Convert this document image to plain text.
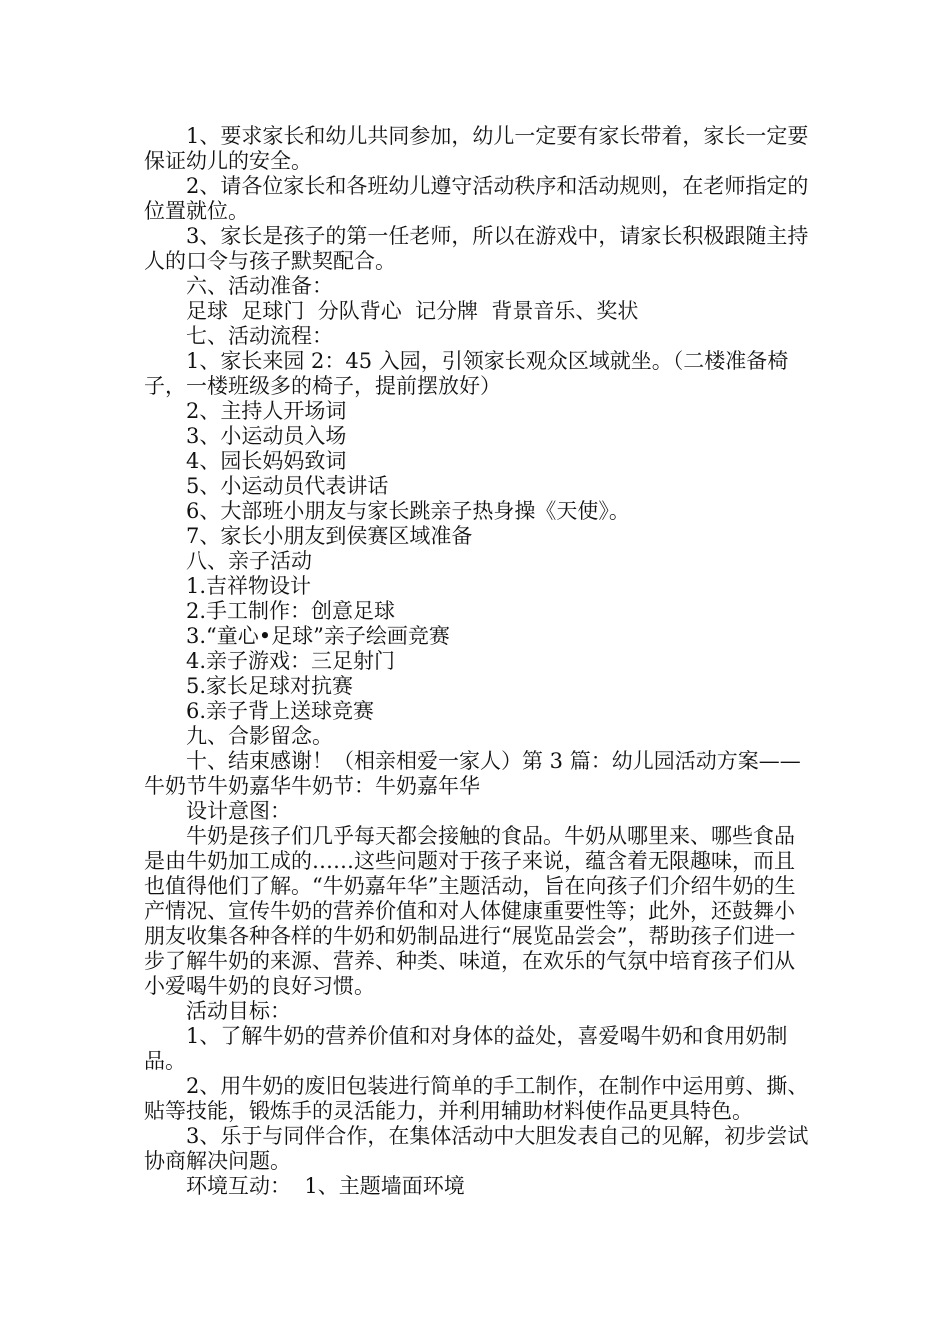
1、要求家长和幼儿共同参加，幼儿一定要有家长带着，家长一定要保证幼儿的安全。

2、请各位家长和各班幼儿遵守活动秩序和活动规则，在老师指定的位置就位。

3、家长是孩子的第一任老师，所以在游戏中，请家长积极跟随主持人的口令与孩子默契配合。

六、活动准备：

足球  足球门  分队背心  记分牌  背景音乐、奖状

七、活动流程：

1、家长来园 2：45 入园，引领家长观众区域就坐。（二楼准备椅子，一楼班级多的椅子，提前摆放好）

2、主持人开场词

3、小运动员入场

4、园长妈妈致词

5、小运动员代表讲话

6、大部班小朋友与家长跳亲子热身操《天使》。

7、家长小朋友到侯赛区域准备

八、亲子活动

1.吉祥物设计

2.手工制作：创意足球

3.“童心•足球”亲子绘画竞赛

4.亲子游戏：三足射门

5.家长足球对抗赛

6.亲子背上送球竞赛

九、合影留念。

十、结束感谢！（相亲相爱一家人）第 3 篇：幼儿园活动方案——牛奶节牛奶嘉华牛奶节：牛奶嘉年华

设计意图：

牛奶是孩子们几乎每天都会接触的食品。牛奶从哪里来、哪些食品是由牛奶加工成的……这些问题对于孩子来说，蕴含着无限趣味，而且也值得他们了解。“牛奶嘉年华”主题活动，旨在向孩子们介绍牛奶的生产情况、宣传牛奶的营养价值和对人体健康重要性等；此外，还鼓舞小朋友收集各种各样的牛奶和奶制品进行“展览品尝会”，帮助孩子们进一步了解牛奶的来源、营养、种类、味道，在欢乐的气氛中培育孩子们从小爱喝牛奶的良好习惯。

活动目标：

1、了解牛奶的营养价值和对身体的益处，喜爱喝牛奶和食用奶制品。

2、用牛奶的废旧包装进行简单的手工制作，在制作中运用剪、撕、贴等技能，锻炼手的灵活能力，并利用辅助材料使作品更具特色。

3、乐于与同伴合作，在集体活动中大胆发表自己的见解，初步尝试协商解决问题。

环境互动：  1、主题墙面环境
